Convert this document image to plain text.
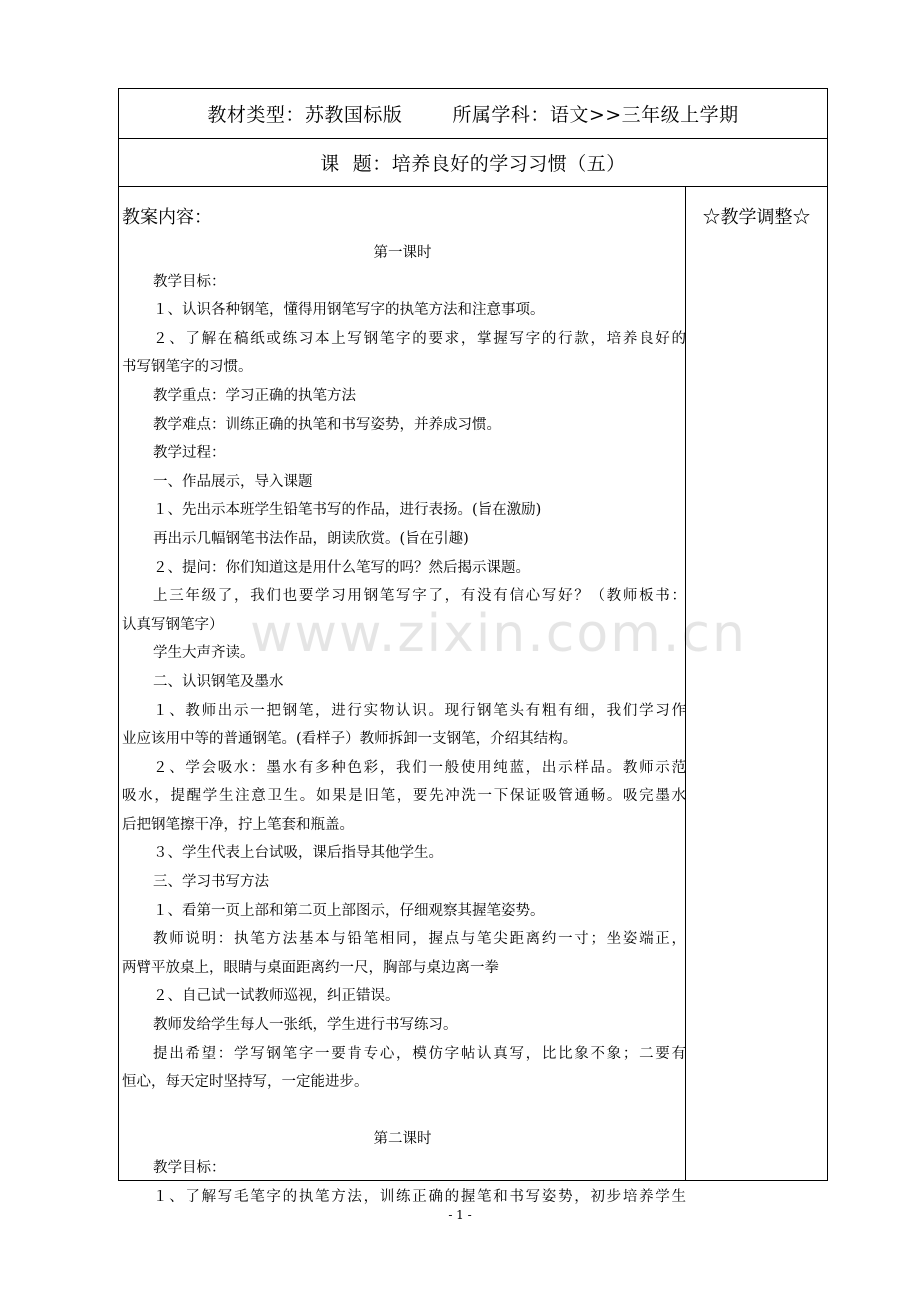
教材类型：苏教国标版	所属学科：语文>>三年级上学期
课  题：培养良好的学习习惯（五）
教案内容：
第一课时
教学目标：
１、认识各种钢笔，懂得用钢笔写字的执笔方法和注意事项。
２、了解在稿纸或练习本上写钢笔字的要求，掌握写字的行款，培养良好的
书写钢笔字的习惯。
教学重点：学习正确的执笔方法
教学难点：训练正确的执笔和书写姿势，并养成习惯。
教学过程：
一、作品展示，导入课题
１、先出示本班学生铅笔书写的作品，进行表扬。(旨在激励)
再出示几幅钢笔书法作品，朗读欣赏。(旨在引趣)
２、提问：你们知道这是用什么笔写的吗？然后揭示课题。
上三年级了，我们也要学习用钢笔写字了，有没有信心写好？（教师板书：
认真写钢笔字）
学生大声齐读。
二、认识钢笔及墨水
１、教师出示一把钢笔，进行实物认识。现行钢笔头有粗有细，我们学习作
业应该用中等的普通钢笔。(看样子）教师拆卸一支钢笔，介绍其结构。
２、学会吸水：墨水有多种色彩，我们一般使用纯蓝，出示样品。教师示范
吸水，提醒学生注意卫生。如果是旧笔，要先冲洗一下保证吸管通畅。吸完墨水
后把钢笔擦干净，拧上笔套和瓶盖。
３、学生代表上台试吸，课后指导其他学生。
三、学习书写方法
１、看第一页上部和第二页上部图示，仔细观察其握笔姿势。
教师说明：执笔方法基本与铅笔相同，握点与笔尖距离约一寸；坐姿端正，
两臂平放桌上，眼睛与桌面距离约一尺，胸部与桌边离一拳
２、自己试一试教师巡视，纠正错误。
教师发给学生每人一张纸，学生进行书写练习。
提出希望：学写钢笔字一要肯专心，模仿字帖认真写，比比象不象；二要有
恒心，每天定时坚持写，一定能进步。
第二课时
教学目标：
１、了解写毛笔字的执笔方法，训练正确的握笔和书写姿势，初步培养学生
☆教学调整☆
www.zixin.com.cn
- 1 -
